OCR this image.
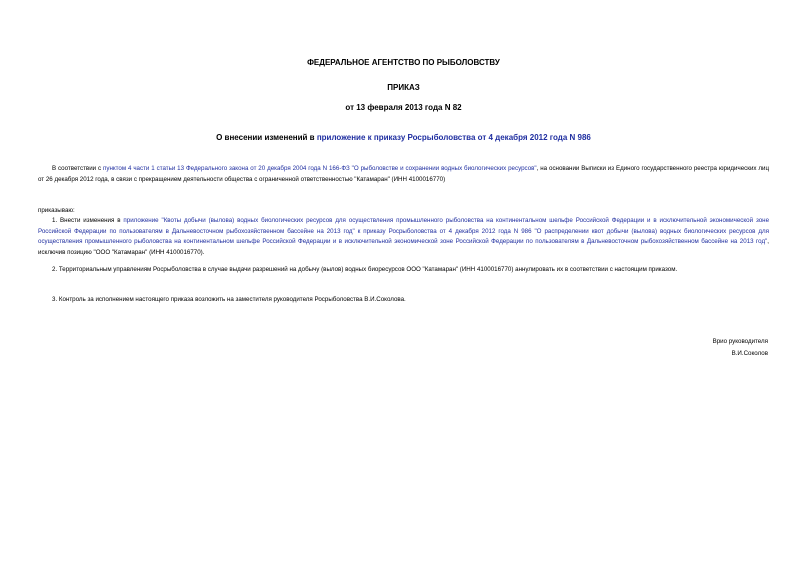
ФЕДЕРАЛЬНОЕ АГЕНТСТВО ПО РЫБОЛОВСТВУ
ПРИКАЗ
от 13 февраля 2013 года N 82
О внесении изменений в приложение к приказу Росрыболовства от 4 декабря 2012 года N 986
В соответствии с пунктом 4 части 1 статьи 13 Федерального закона от 20 декабря 2004 года N 166-ФЗ "О рыболовстве и сохранении водных биологических ресурсов", на основании Выписки из Единого государственного реестра юридических лиц от 26 декабря 2012 года, в связи с прекращением деятельности общества с ограниченной ответственностью "Катамаран" (ИНН 4100016770)
приказываю:
1. Внести изменения в приложение "Квоты добычи (вылова) водных биологических ресурсов для осуществления промышленного рыболовства на континентальном шельфе Российской Федерации и в исключительной экономической зоне Российской Федерации по пользователям в Дальневосточном рыбохозяйственном бассейне на 2013 год" к приказу Росрыболовства от 4 декабря 2012 года N 986 "О распределении квот добычи (вылова) водных биологических ресурсов для осуществления промышленного рыболовства на континентальном шельфе Российской Федерации и в исключительной экономической зоне Российской Федерации по пользователям в Дальневосточном рыбохозяйственном бассейне на 2013 год", исключив позицию "ООО "Катамаран" (ИНН 4100016770).
2. Территориальным управлениям Росрыболовства в случае выдачи разрешений на добычу (вылов) водных биоресурсов ООО "Катамаран" (ИНН 4100016770) аннулировать их в соответствии с настоящим приказом.
3. Контроль за исполнением настоящего приказа возложить на заместителя руководителя Росрыболовства В.И.Соколова.
Врио руководителя
В.И.Соколов
